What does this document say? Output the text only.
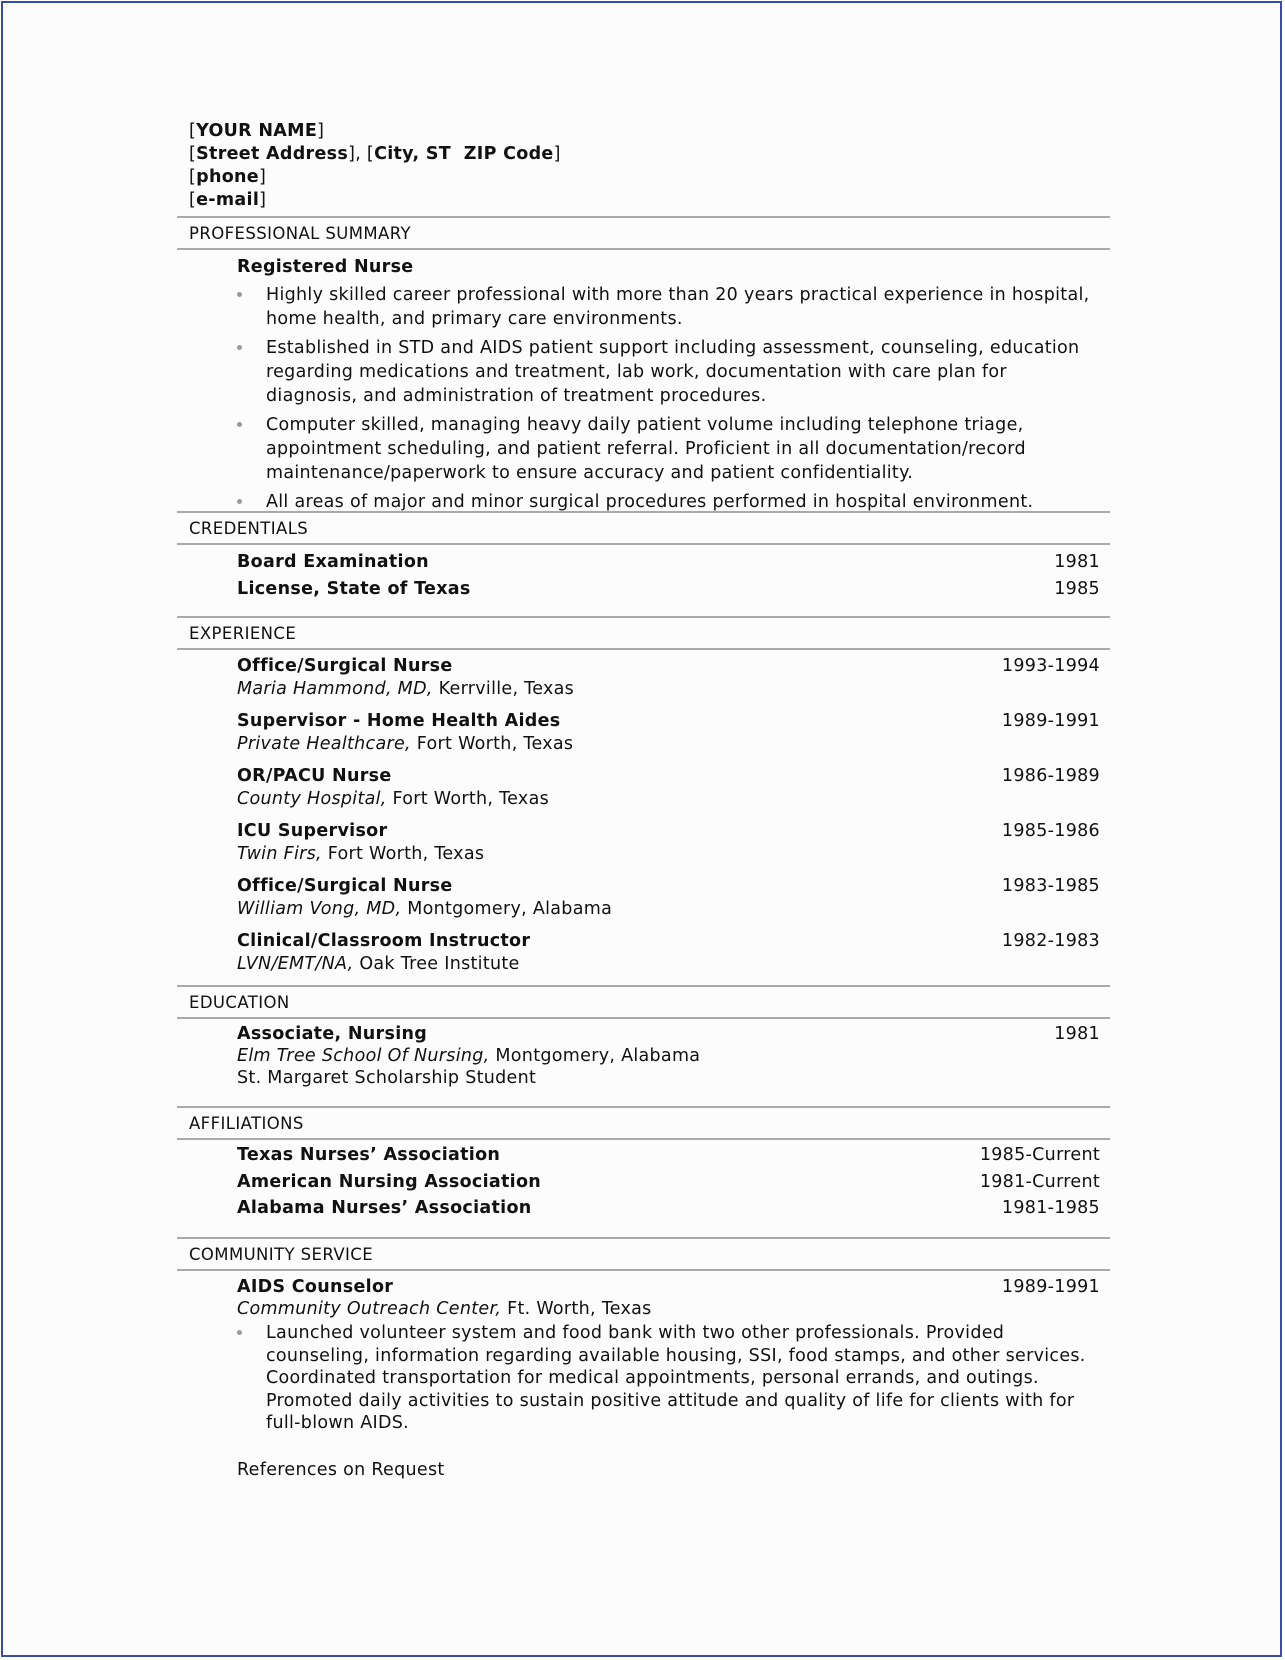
[YOUR NAME]
[Street Address], [City, ST  ZIP Code]
[phone]
[e-mail]
PROFESSIONAL SUMMARY
Registered Nurse
Highly skilled career professional with more than 20 years practical experience in hospital, home health, and primary care environments.
Established in STD and AIDS patient support including assessment, counseling, education regarding medications and treatment, lab work, documentation with care plan for diagnosis, and administration of treatment procedures.
Computer skilled, managing heavy daily patient volume including telephone triage, appointment scheduling, and patient referral. Proficient in all documentation/record maintenance/paperwork to ensure accuracy and patient confidentiality.
All areas of major and minor surgical procedures performed in hospital environment.
CREDENTIALS
Board Examination	1981
License, State of Texas	1985
EXPERIENCE
Office/Surgical Nurse	1993-1994
Maria Hammond, MD, Kerrville, Texas
Supervisor - Home Health Aides	1989-1991
Private Healthcare, Fort Worth, Texas
OR/PACU Nurse	1986-1989
County Hospital, Fort Worth, Texas
ICU Supervisor	1985-1986
Twin Firs, Fort Worth, Texas
Office/Surgical Nurse	1983-1985
William Vong, MD, Montgomery, Alabama
Clinical/Classroom Instructor	1982-1983
LVN/EMT/NA, Oak Tree Institute
EDUCATION
Associate, Nursing	1981
Elm Tree School Of Nursing, Montgomery, Alabama
St. Margaret Scholarship Student
AFFILIATIONS
Texas Nurses’ Association	1985-Current
American Nursing Association	1981-Current
Alabama Nurses’ Association	1981-1985
COMMUNITY SERVICE
AIDS Counselor	1989-1991
Community Outreach Center, Ft. Worth, Texas
Launched volunteer system and food bank with two other professionals. Provided counseling, information regarding available housing, SSI, food stamps, and other services. Coordinated transportation for medical appointments, personal errands, and outings. Promoted daily activities to sustain positive attitude and quality of life for clients with for full-blown AIDS.
References on Request
